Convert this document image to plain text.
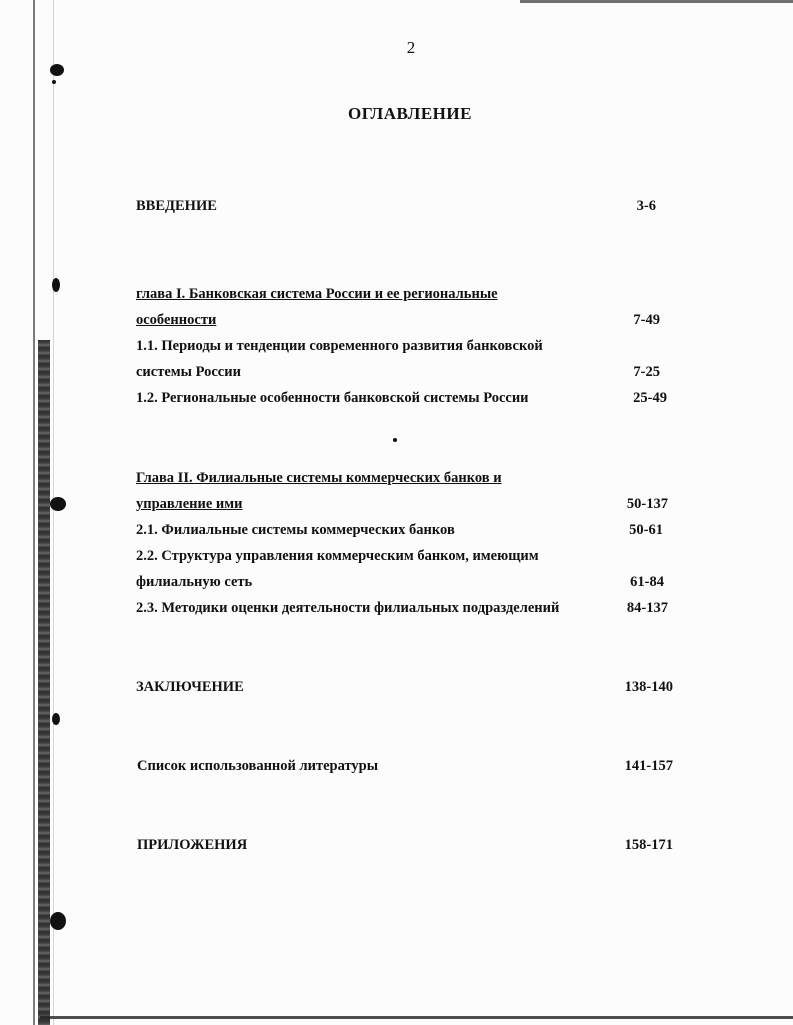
2
ОГЛАВЛЕНИЕ
ВВЕДЕНИЕ	3-6
глава I. Банковская система России и ее региональные
особенности	7-49
1.1. Периоды и тенденции современного развития банковской
системы России	7-25
1.2. Региональные особенности банковской системы России	25-49
Глава II. Филиальные системы коммерческих банков и
управление ими	50-137
2.1. Филиальные системы коммерческих банков	50-61
2.2. Структура управления коммерческим банком, имеющим
филиальную сеть	61-84
2.3. Методики оценки деятельности филиальных подразделений	84-137
ЗАКЛЮЧЕНИЕ	138-140
Список использованной литературы	141-157
ПРИЛОЖЕНИЯ	158-171
